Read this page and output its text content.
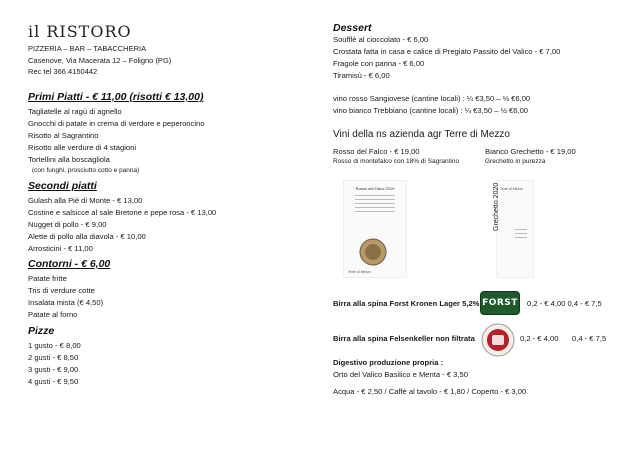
il RISTORO
PIZZERIA – BAR – TABACCHERIA
Casenove, Via Macerata 12 – Foligno (PG)
Rec tel 366.4150442
Primi Piatti - € 11,00 (risotti € 13,00)
Tagliatelle al ragù di agnello
Gnocchi di patate in crema di verdure e peperoncino
Risotto al Sagrantino
Risotto alle verdure di 4 stagioni
Tortellini alla boscagliola
(con funghi, prosciutto cotto e panna)
Secondi piatti
Gulash alla Piè di Monte - € 13,00
Costine e salsicce al sale Bretone e pepe rosa - € 13,00
Nugget di pollo - € 9,00
Alette di pollo alla diavola - € 10,00
Arrosticini - € 11,00
Contorni - € 6,00
Patate fritte
Tris di verdure cotte
Insalata mista (€ 4,50)
Patate al forno
Pizze
1 gusto - € 8,00
2 gusti - € 8,50
3 gusti - € 9,00
4 gusti - € 9,50
Dessert
Soufflè al cioccolato - € 6,00
Crostata fatta in casa e calice di Pregiato Passito del Valico - € 7,00
Fragole con panna - € 6,00
Tiramisù - € 6,00
vino rosso Sangiovese (cantine locali) : ¼ €3,50 – ½ €6,00
vino bianco Trebbiano (cantine locali) : ¼ €3,50 – ½ €6,00
Vini della ns azienda agr Terre di Mezzo
Rosso del Falco - € 19,00
Rosso di montefalco con 18% di Sagrantino
Bianco Grechetto - € 19,00
Grechetto in purezza
Rosso del Falco 2019
Terre di Mezzo
Terre di Mezzo
Grechetto 2020
Birra alla spina Forst Kronen Lager 5,2% FORST 0,2 - € 4,00 0,4 - € 7,5
Birra alla spina Felsenkeller non filtrata	0,2 - € 4,00 0,4 - € 7,5
Digestivo produzione propria :
Orto del Valico Basilico e Menta - € 3,50
Acqua - € 2,50 / Caffè al tavolo - € 1,80 / Coperto - € 3,00
